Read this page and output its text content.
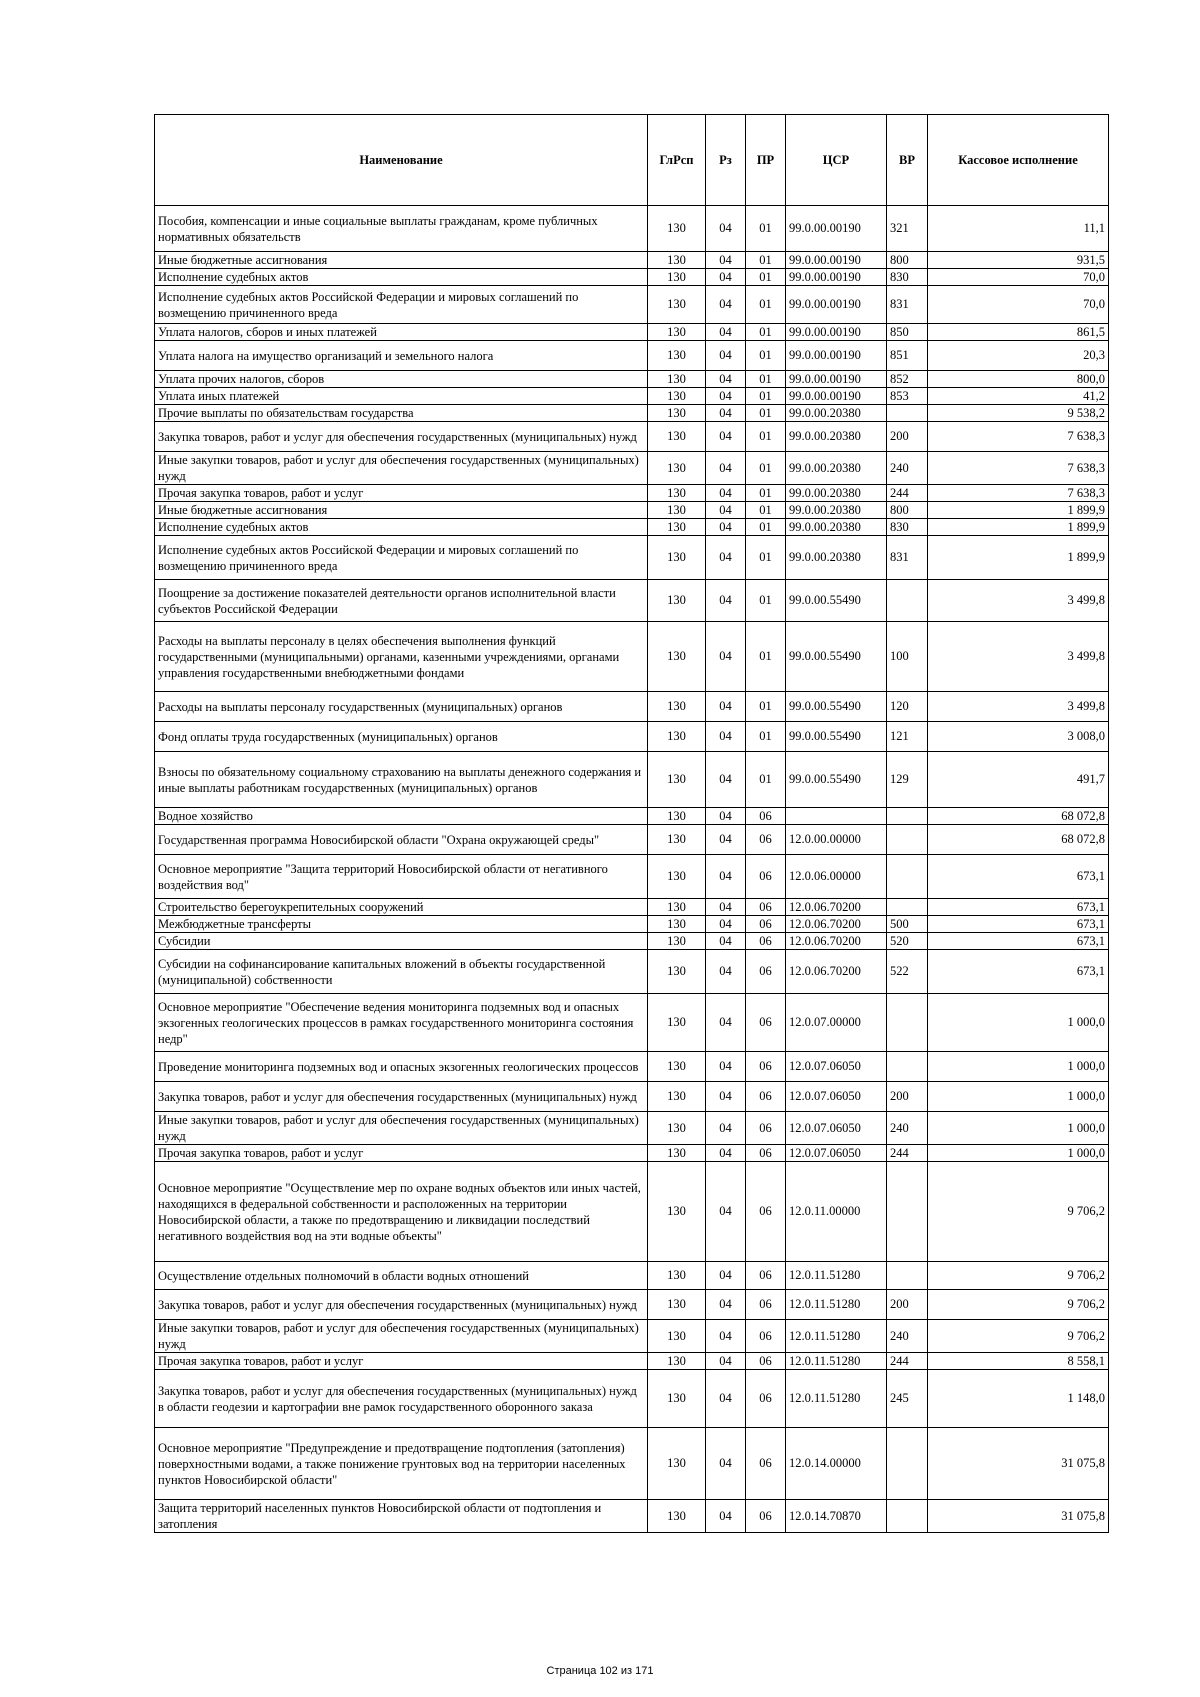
Наименование	ГлРсп	Рз	ПР	ЦСР	ВР	Кассовое исполнение
Пособия, компенсации и иные социальные выплаты гражданам, кроме публичных нормативных обязательств	130	04	01	99.0.00.00190	321	11,1
Иные бюджетные ассигнования	130	04	01	99.0.00.00190	800	931,5
Исполнение судебных актов	130	04	01	99.0.00.00190	830	70,0
Исполнение судебных актов Российской Федерации и мировых соглашений по возмещению причиненного вреда	130	04	01	99.0.00.00190	831	70,0
Уплата налогов, сборов и иных платежей	130	04	01	99.0.00.00190	850	861,5
Уплата налога на имущество организаций и земельного налога	130	04	01	99.0.00.00190	851	20,3
Уплата прочих налогов, сборов	130	04	01	99.0.00.00190	852	800,0
Уплата иных платежей	130	04	01	99.0.00.00190	853	41,2
Прочие выплаты по обязательствам государства	130	04	01	99.0.00.20380		9 538,2
Закупка товаров, работ и услуг для обеспечения государственных (муниципальных) нужд	130	04	01	99.0.00.20380	200	7 638,3
Иные закупки товаров, работ и услуг для обеспечения государственных (муниципальных) нужд	130	04	01	99.0.00.20380	240	7 638,3
Прочая закупка товаров, работ и услуг	130	04	01	99.0.00.20380	244	7 638,3
Иные бюджетные ассигнования	130	04	01	99.0.00.20380	800	1 899,9
Исполнение судебных актов	130	04	01	99.0.00.20380	830	1 899,9
Исполнение судебных актов Российской Федерации и мировых соглашений по возмещению причиненного вреда	130	04	01	99.0.00.20380	831	1 899,9
Поощрение за достижение показателей деятельности органов исполнительной власти субъектов Российской Федерации	130	04	01	99.0.00.55490		3 499,8
Расходы на выплаты персоналу в целях обеспечения выполнения функций государственными (муниципальными) органами, казенными учреждениями, органами управления государственными внебюджетными фондами	130	04	01	99.0.00.55490	100	3 499,8
Расходы на выплаты персоналу государственных (муниципальных) органов	130	04	01	99.0.00.55490	120	3 499,8
Фонд оплаты труда государственных (муниципальных) органов	130	04	01	99.0.00.55490	121	3 008,0
Взносы по обязательному социальному страхованию на выплаты денежного содержания и иные выплаты работникам государственных (муниципальных) органов	130	04	01	99.0.00.55490	129	491,7
Водное хозяйство	130	04	06			68 072,8
Государственная программа Новосибирской области "Охрана окружающей среды"	130	04	06	12.0.00.00000		68 072,8
Основное мероприятие "Защита территорий Новосибирской области от негативного воздействия вод"	130	04	06	12.0.06.00000		673,1
Строительство берегоукрепительных сооружений	130	04	06	12.0.06.70200		673,1
Межбюджетные трансферты	130	04	06	12.0.06.70200	500	673,1
Субсидии	130	04	06	12.0.06.70200	520	673,1
Субсидии на софинансирование капитальных вложений в объекты государственной (муниципальной) собственности	130	04	06	12.0.06.70200	522	673,1
Основное мероприятие "Обеспечение ведения мониторинга подземных вод и опасных экзогенных геологических процессов в рамках государственного мониторинга состояния недр"	130	04	06	12.0.07.00000		1 000,0
Проведение мониторинга подземных вод и опасных экзогенных геологических процессов	130	04	06	12.0.07.06050		1 000,0
Закупка товаров, работ и услуг для обеспечения государственных (муниципальных) нужд	130	04	06	12.0.07.06050	200	1 000,0
Иные закупки товаров, работ и услуг для обеспечения государственных (муниципальных) нужд	130	04	06	12.0.07.06050	240	1 000,0
Прочая закупка товаров, работ и услуг	130	04	06	12.0.07.06050	244	1 000,0
Основное мероприятие "Осуществление мер по охране водных объектов или иных частей, находящихся в федеральной собственности и расположенных на территории Новосибирской области, а также по предотвращению и ликвидации последствий негативного воздействия вод на эти водные объекты"	130	04	06	12.0.11.00000		9 706,2
Осуществление отдельных полномочий в области водных отношений	130	04	06	12.0.11.51280		9 706,2
Закупка товаров, работ и услуг для обеспечения государственных (муниципальных) нужд	130	04	06	12.0.11.51280	200	9 706,2
Иные закупки товаров, работ и услуг для обеспечения государственных (муниципальных) нужд	130	04	06	12.0.11.51280	240	9 706,2
Прочая закупка товаров, работ и услуг	130	04	06	12.0.11.51280	244	8 558,1
Закупка товаров, работ и услуг для обеспечения государственных (муниципальных) нужд в области геодезии и картографии вне рамок государственного оборонного заказа	130	04	06	12.0.11.51280	245	1 148,0
Основное мероприятие "Предупреждение и предотвращение подтопления (затопления) поверхностными водами, а также понижение грунтовых вод на территории населенных пунктов Новосибирской области"	130	04	06	12.0.14.00000		31 075,8
Защита территорий населенных пунктов Новосибирской области от подтопления и затопления	130	04	06	12.0.14.70870		31 075,8
Страница 102 из 171
